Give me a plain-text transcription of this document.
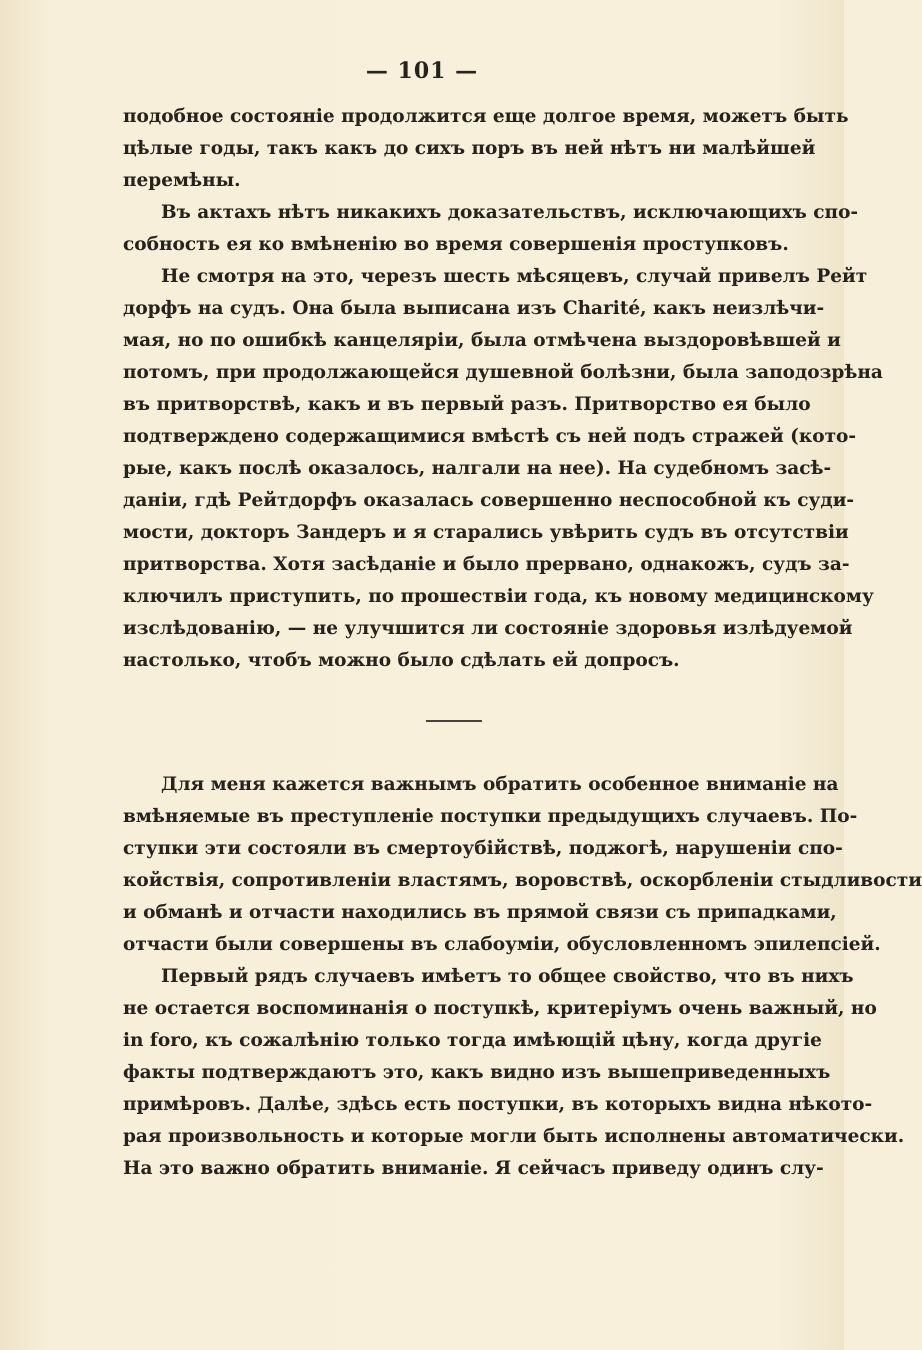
— 101 —
подобное состоянiе продолжится еще долгое время, можетъ быть
цѣлые годы, такъ какъ до сихъ поръ въ ней нѣтъ ни малѣйшей
перемѣны.
Въ актахъ нѣтъ никакихъ доказательствъ, исключающихъ спо-
собность ея ко вмѣненiю во время совершенiя проступковъ.
Не смотря на это, черезъ шесть мѣсяцевъ, случай привелъ Рейт
дорфъ на судъ. Она была выписана изъ Charité, какъ неизлѣчи-
мая, но по ошибкѣ канцелярiи, была отмѣчена выздоровѣвшей и
потомъ, при продолжающейся душевной болѣзни, была заподозрѣна
въ притворствѣ, какъ и въ первый разъ. Притворство ея было
подтверждено содержащимися вмѣстѣ съ ней подъ стражей (кото-
рые, какъ послѣ оказалось, налгали на нее). На судебномъ засѣ-
данiи, гдѣ Рейтдорфъ оказалась совершенно неспособной къ суди-
мости, докторъ Зандеръ и я старались увѣрить судъ въ отсутствiи
притворства. Хотя засѣданiе и было прервано, однакожъ, судъ за-
ключилъ приступить, по прошествiи года, къ новому медицинскому
изслѣдованiю, — не улучшится ли состоянiе здоровья излѣдуемой
настолько, чтобъ можно было сдѣлать ей допросъ.
Для меня кажется важнымъ обратить особенное вниманiе на
вмѣняемые въ преступленiе поступки предыдущихъ случаевъ. По-
ступки эти состояли въ смертоубiйствѣ, поджогѣ, нарушенiи спо-
койствiя, сопротивленiи властямъ, воровствѣ, оскорбленiи стыдливости
и обманѣ и отчасти находились въ прямой связи съ припадками,
отчасти были совершены въ слабоумiи, обусловленномъ эпилепсiей.
Первый рядъ случаевъ имѣетъ то общее свойство, что въ нихъ
не остается воспоминанiя о поступкѣ, критерiумъ очень важный, но
in foro, къ сожалѣнiю только тогда имѣющiй цѣну, когда другiе
факты подтверждаютъ это, какъ видно изъ вышеприведенныхъ
примѣровъ. Далѣе, здѣсь есть поступки, въ которыхъ видна нѣкото-
рая произвольность и которые могли быть исполнены автоматически.
На это важно обратить вниманiе. Я сейчасъ приведу одинъ слу-
